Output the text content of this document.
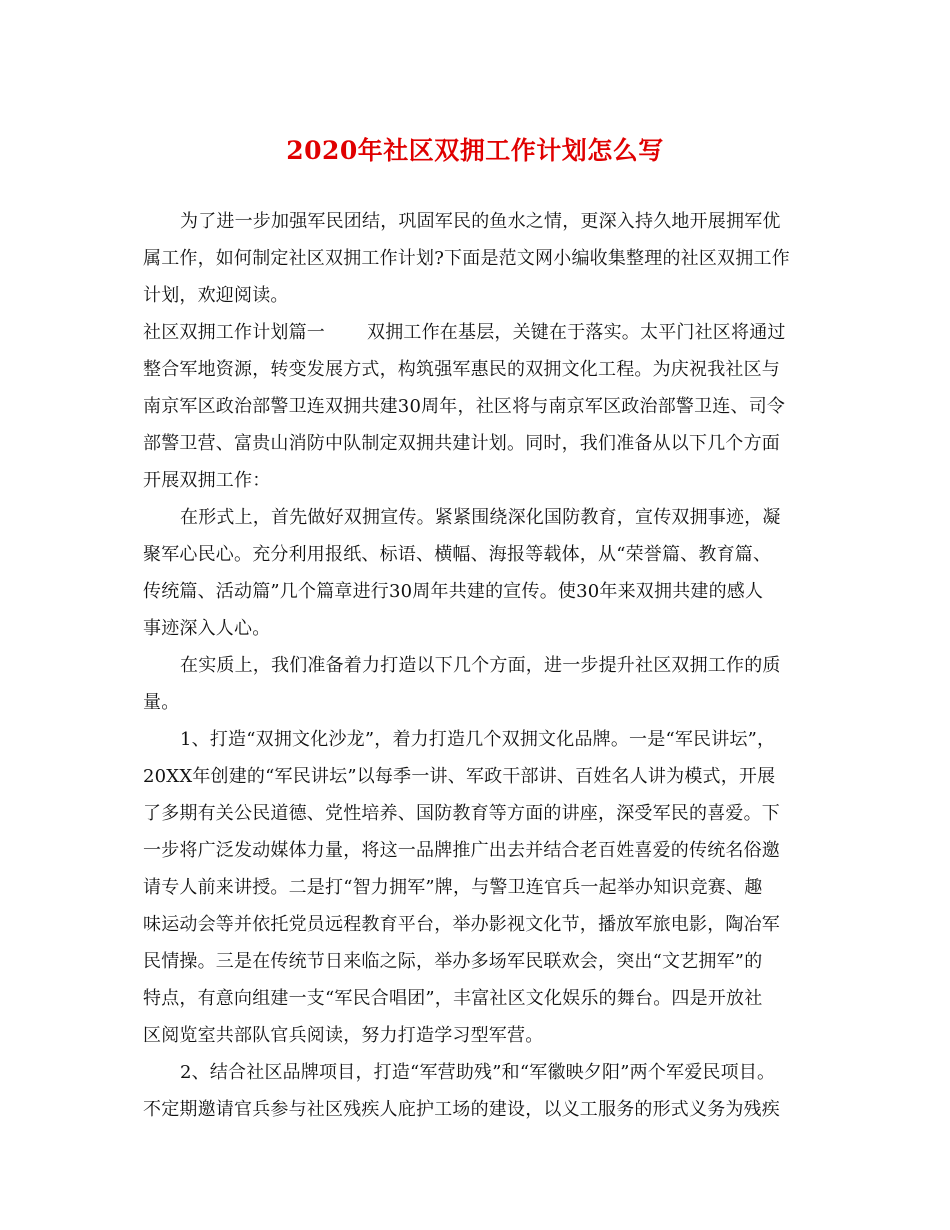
2020年社区双拥工作计划怎么写
为了进一步加强军民团结，巩固军民的鱼水之情，更深入持久地开展拥军优
属工作，如何制定社区双拥工作计划?下面是范文网小编收集整理的社区双拥工作
计划，欢迎阅读。
社区双拥工作计划篇一 双拥工作在基层，关键在于落实。太平门社区将通过
整合军地资源，转变发展方式，构筑强军惠民的双拥文化工程。为庆祝我社区与
南京军区政治部警卫连双拥共建30周年，社区将与南京军区政治部警卫连、司令
部警卫营、富贵山消防中队制定双拥共建计划。同时，我们准备从以下几个方面
开展双拥工作：
在形式上，首先做好双拥宣传。紧紧围绕深化国防教育，宣传双拥事迹，凝
聚军心民心。充分利用报纸、标语、横幅、海报等载体，从“荣誉篇、教育篇、
传统篇、活动篇”几个篇章进行30周年共建的宣传。使30年来双拥共建的感人
事迹深入人心。
在实质上，我们准备着力打造以下几个方面，进一步提升社区双拥工作的质
量。
1、打造“双拥文化沙龙”，着力打造几个双拥文化品牌。一是“军民讲坛”，
20XX年创建的“军民讲坛”以每季一讲、军政干部讲、百姓名人讲为模式，开展
了多期有关公民道德、党性培养、国防教育等方面的讲座，深受军民的喜爱。下
一步将广泛发动媒体力量，将这一品牌推广出去并结合老百姓喜爱的传统名俗邀
请专人前来讲授。二是打“智力拥军”牌，与警卫连官兵一起举办知识竞赛、趣
味运动会等并依托党员远程教育平台，举办影视文化节，播放军旅电影，陶冶军
民情操。三是在传统节日来临之际，举办多场军民联欢会，突出“文艺拥军”的
特点，有意向组建一支“军民合唱团”，丰富社区文化娱乐的舞台。四是开放社
区阅览室共部队官兵阅读，努力打造学习型军营。
2、结合社区品牌项目，打造“军营助残”和“军徽映夕阳”两个军爱民项目。
不定期邀请官兵参与社区残疾人庇护工场的建设，以义工服务的形式义务为残疾
